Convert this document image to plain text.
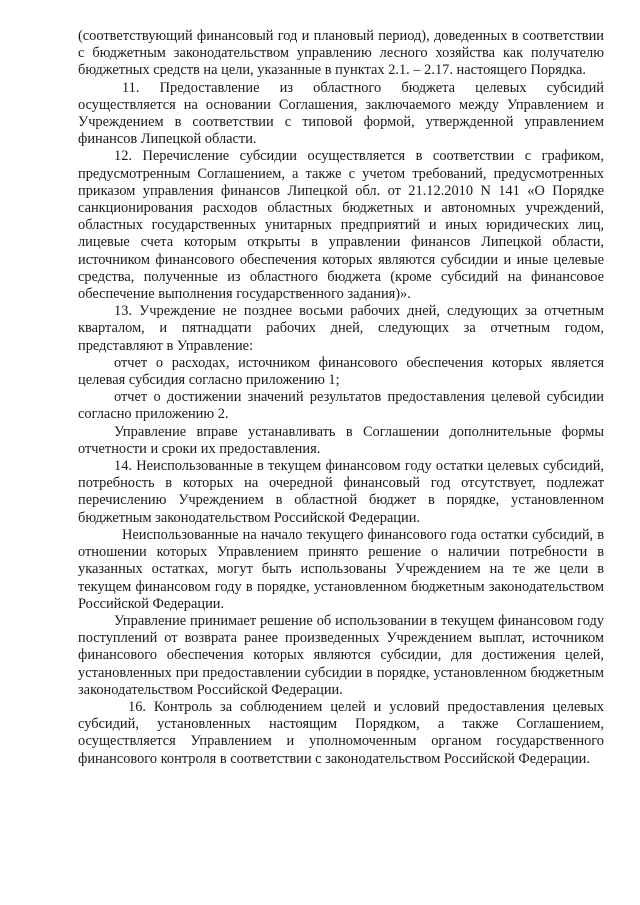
(соответствующий финансовый год и плановый период), доведенных в соответствии с бюджетным законодательством управлению лесного хозяйства как получателю бюджетных средств на цели, указанные в пунктах 2.1. – 2.17. настоящего Порядка.

11. Предоставление из областного бюджета целевых субсидий осуществляется на основании Соглашения, заключаемого между Управлением и Учреждением в соответствии с типовой формой, утвержденной управлением финансов Липецкой области.

12. Перечисление субсидии осуществляется в соответствии с графиком, предусмотренным Соглашением, а также с учетом требований, предусмотренных приказом управления финансов Липецкой обл. от 21.12.2010 N 141 «О Порядке санкционирования расходов областных бюджетных и автономных учреждений, областных государственных унитарных предприятий и иных юридических лиц, лицевые счета которым открыты в управлении финансов Липецкой области, источником финансового обеспечения которых являются субсидии и иные целевые средства, полученные из областного бюджета (кроме субсидий на финансовое обеспечение выполнения государственного задания)».

13. Учреждение не позднее восьми рабочих дней, следующих за отчетным кварталом, и пятнадцати рабочих дней, следующих за отчетным годом, представляют в Управление:

отчет о расходах, источником финансового обеспечения которых является целевая субсидия согласно приложению 1;

отчет о достижении значений результатов предоставления целевой субсидии согласно приложению 2.

Управление вправе устанавливать в Соглашении дополнительные формы отчетности и сроки их предоставления.

14. Неиспользованные в текущем финансовом году остатки целевых субсидий, потребность в которых на очередной финансовый год отсутствует, подлежат перечислению Учреждением в областной бюджет в порядке, установленном бюджетным законодательством Российской Федерации.

Неиспользованные на начало текущего финансового года остатки субсидий, в отношении которых Управлением принято решение о наличии потребности в указанных остатках, могут быть использованы Учреждением на те же цели в текущем финансовом году в порядке, установленном бюджетным законодательством Российской Федерации.

Управление принимает решение об использовании в текущем финансовом году поступлений от возврата ранее произведенных Учреждением выплат, источником финансового обеспечения которых являются субсидии, для достижения целей, установленных при предоставлении субсидии в порядке, установленном бюджетным законодательством Российской Федерации.

16. Контроль за соблюдением целей и условий предоставления целевых субсидий, установленных настоящим Порядком, а также Соглашением, осуществляется Управлением и уполномоченным органом государственного финансового контроля в соответствии с законодательством Российской Федерации.
